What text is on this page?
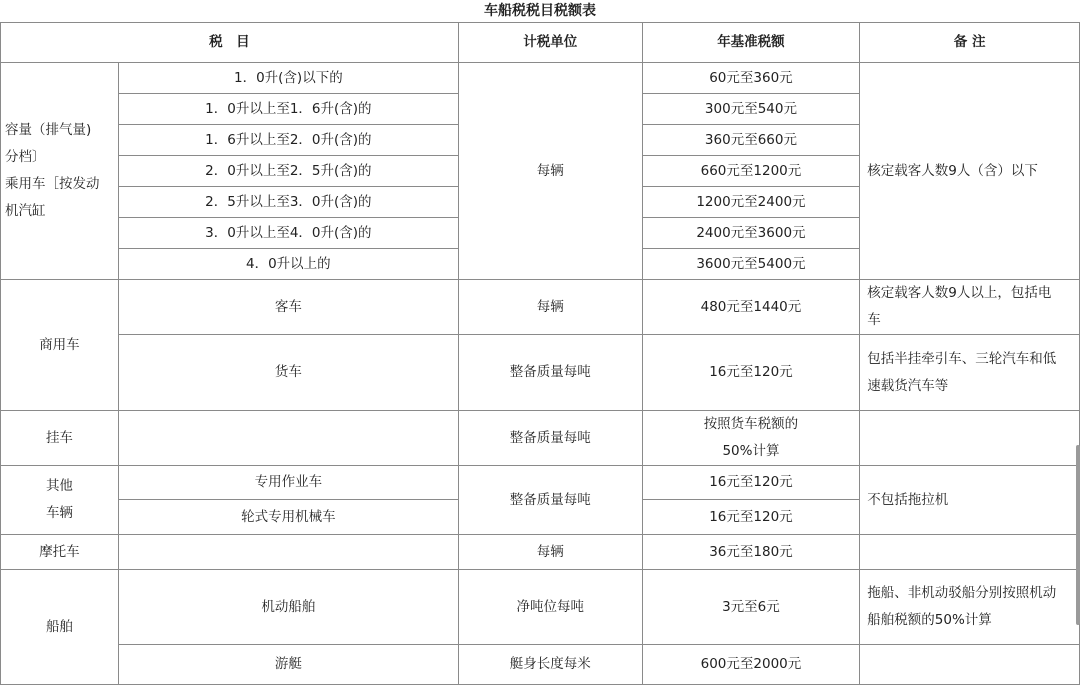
车船税税目税额表
税　目		计税单位	年基准税额	备 注

容量（排气量)
分档〕
乘用车［按发动
机汽缸	1．0升(含)以下的	每辆	60元至360元	核定载客人数9人（含）以下
	1．0升以上至1．6升(含)的		300元至540元	
	1．6升以上至2．0升(含)的		360元至660元	
	2．0升以上至2．5升(含)的		660元至1200元	
	2．5升以上至3．0升(含)的		1200元至2400元	
	3．0升以上至4．0升(含)的		2400元至3600元	
	4．0升以上的		3600元至5400元	
商用车	客车	每辆	480元至1440元	核定载客人数9人以上，包括电
车

	货车	整备质量每吨	16元至120元	包括半挂牵引车、三轮汽车和低
速载货汽车等

挂车		整备质量每吨	按照货车税额的
50%计算	

其他
车辆	专用作业车	整备质量每吨	16元至120元	不包括拖拉机
	轮式专用机械车		16元至120元	
摩托车		每辆	36元至180元	
船舶	机动船舶	净吨位每吨	3元至6元	拖船、非机动驳船分别按照机动
船舶税额的50%计算

	游艇	艇身长度每米	600元至2000元	
